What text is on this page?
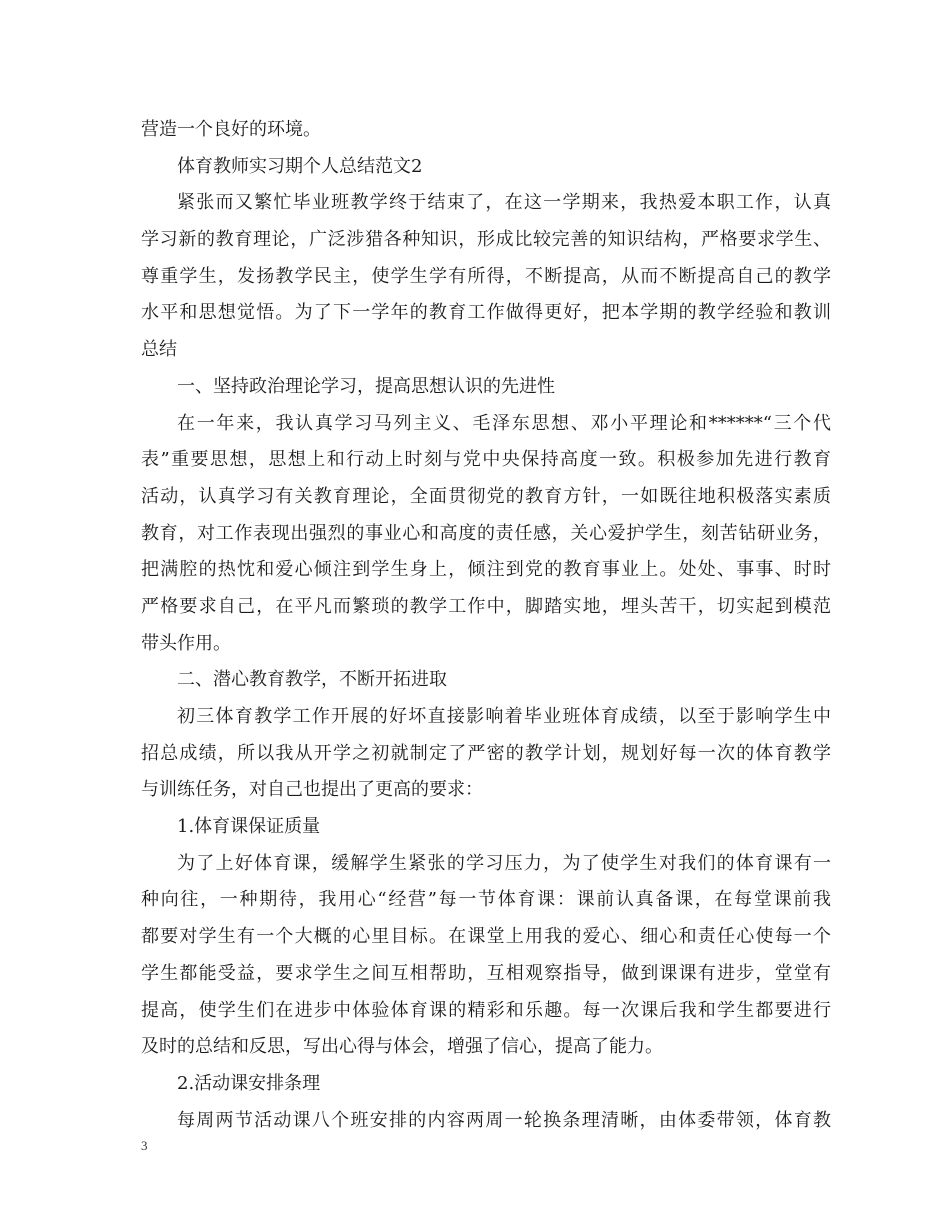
营造一个良好的环境。
体育教师实习期个人总结范文2
紧张而又繁忙毕业班教学终于结束了，在这一学期来，我热爱本职工作，认真
学习新的教育理论，广泛涉猎各种知识，形成比较完善的知识结构，严格要求学生、
尊重学生，发扬教学民主，使学生学有所得，不断提高，从而不断提高自己的教学
水平和思想觉悟。为了下一学年的教育工作做得更好，把本学期的教学经验和教训
总结
一、坚持政治理论学习，提高思想认识的先进性
在一年来，我认真学习马列主义、毛泽东思想、邓小平理论和******“三个代
表”重要思想，思想上和行动上时刻与党中央保持高度一致。积极参加先进行教育
活动，认真学习有关教育理论，全面贯彻党的教育方针，一如既往地积极落实素质
教育，对工作表现出强烈的事业心和高度的责任感，关心爱护学生，刻苦钻研业务，
把满腔的热忱和爱心倾注到学生身上，倾注到党的教育事业上。处处、事事、时时
严格要求自己，在平凡而繁琐的教学工作中，脚踏实地，埋头苦干，切实起到模范
带头作用。
二、潜心教育教学，不断开拓进取
初三体育教学工作开展的好坏直接影响着毕业班体育成绩，以至于影响学生中
招总成绩，所以我从开学之初就制定了严密的教学计划，规划好每一次的体育教学
与训练任务，对自己也提出了更高的要求：
1.体育课保证质量
为了上好体育课，缓解学生紧张的学习压力，为了使学生对我们的体育课有一
种向往，一种期待，我用心“经营”每一节体育课：课前认真备课，在每堂课前我
都要对学生有一个大概的心里目标。在课堂上用我的爱心、细心和责任心使每一个
学生都能受益，要求学生之间互相帮助，互相观察指导，做到课课有进步，堂堂有
提高，使学生们在进步中体验体育课的精彩和乐趣。每一次课后我和学生都要进行
及时的总结和反思，写出心得与体会，增强了信心，提高了能力。
2.活动课安排条理
每周两节活动课八个班安排的内容两周一轮换条理清晰，由体委带领，体育教
3
